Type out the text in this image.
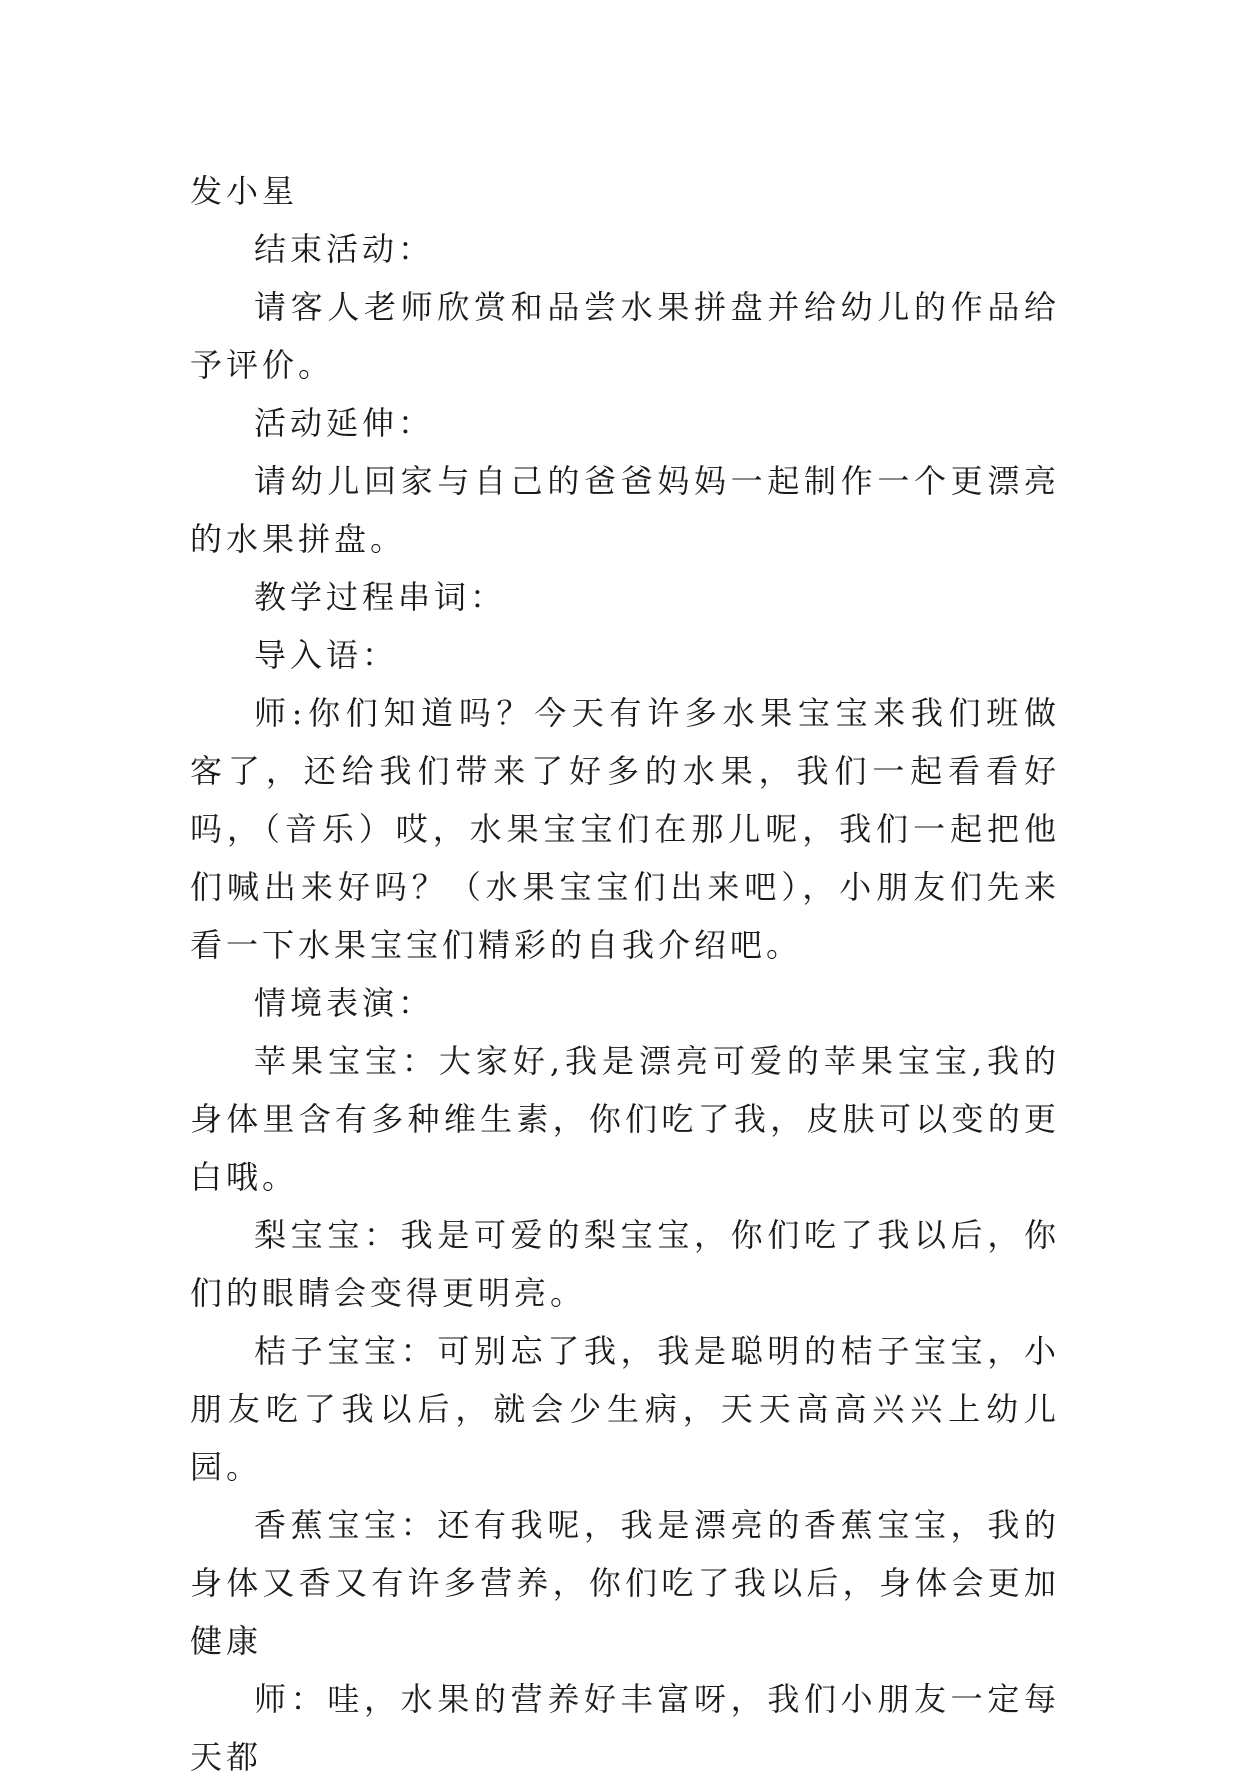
发小星

结束活动：

请客人老师欣赏和品尝水果拼盘并给幼儿的作品给予评价。

活动延伸：

请幼儿回家与自己的爸爸妈妈一起制作一个更漂亮的水果拼盘。

教学过程串词：

导入语：

师:你们知道吗？今天有许多水果宝宝来我们班做客了，还给我们带来了好多的水果，我们一起看看好吗，（音乐）哎，水果宝宝们在那儿呢，我们一起把他们喊出来好吗？（水果宝宝们出来吧），小朋友们先来看一下水果宝宝们精彩的自我介绍吧。

情境表演：

苹果宝宝：大家好,我是漂亮可爱的苹果宝宝,我的身体里含有多种维生素，你们吃了我，皮肤可以变的更白哦。

梨宝宝：我是可爱的梨宝宝，你们吃了我以后，你们的眼睛会变得更明亮。

桔子宝宝：可别忘了我，我是聪明的桔子宝宝，小朋友吃了我以后，就会少生病，天天高高兴兴上幼儿园。

香蕉宝宝：还有我呢，我是漂亮的香蕉宝宝，我的身体又香又有许多营养，你们吃了我以后，身体会更加健康

师：哇，水果的营养好丰富呀，我们小朋友一定每天都
